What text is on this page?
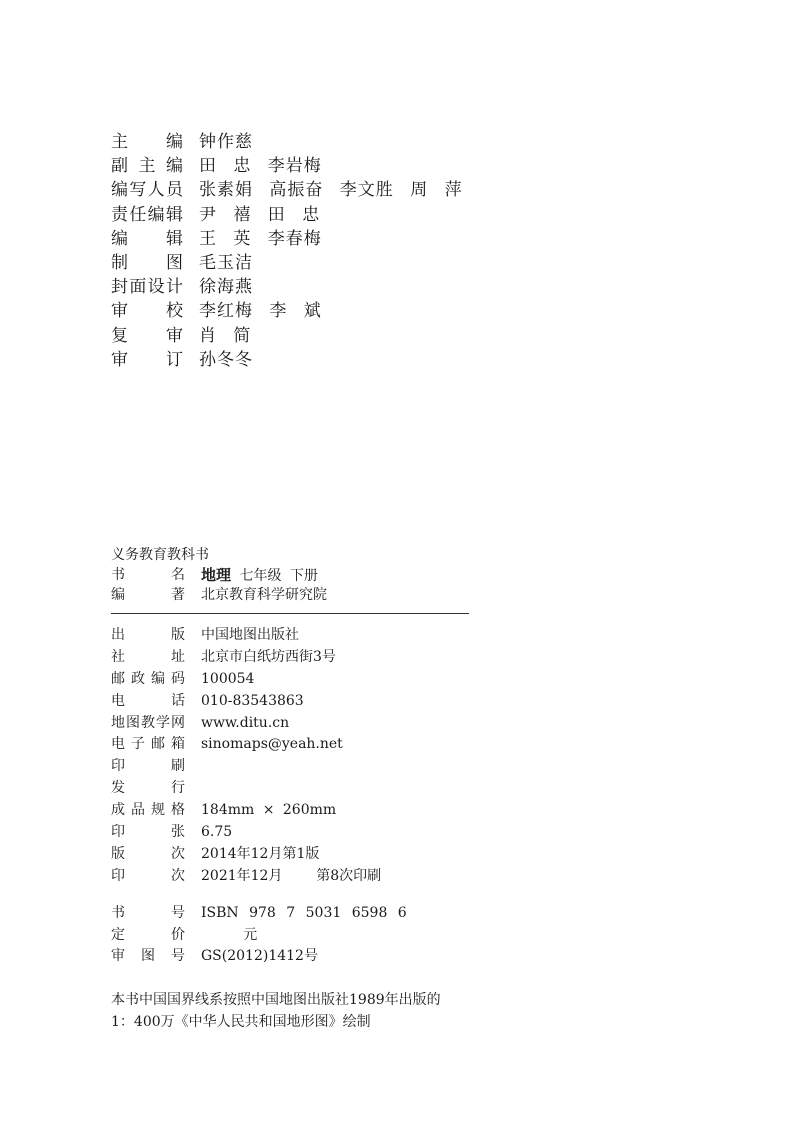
主 编 钟作慈
副主编 田 忠 李岩梅
编写人员 张素娟 高振奋 李文胜 周 萍
责任编辑 尹 禧 田 忠
编 辑 王 英 李春梅
制 图 毛玉洁
封面设计 徐海燕
审 校 李红梅 李 斌
复 审 肖 简
审 订 孙冬冬
义务教育教科书
书 名 地理 七年级 下册
编 著 北京教育科学研究院
出 版 中国地图出版社
社 址 北京市白纸坊西街3号
邮政编码 100054
电 话 010-83543863
地图教学网 www.ditu.cn
电子邮箱 sinomaps@yeah.net
印 刷
发 行
成品规格 184mm × 260mm
印 张 6.75
版 次 2014年12月第1版
印 次 2021年12月    第8次印刷
书 号 ISBN 978 7 5031 6598 6
定 价     元
审图号 GS(2012)1412号
本书中国国界线系按照中国地图出版社1989年出版的
1：400万《中华人民共和国地形图》绘制
